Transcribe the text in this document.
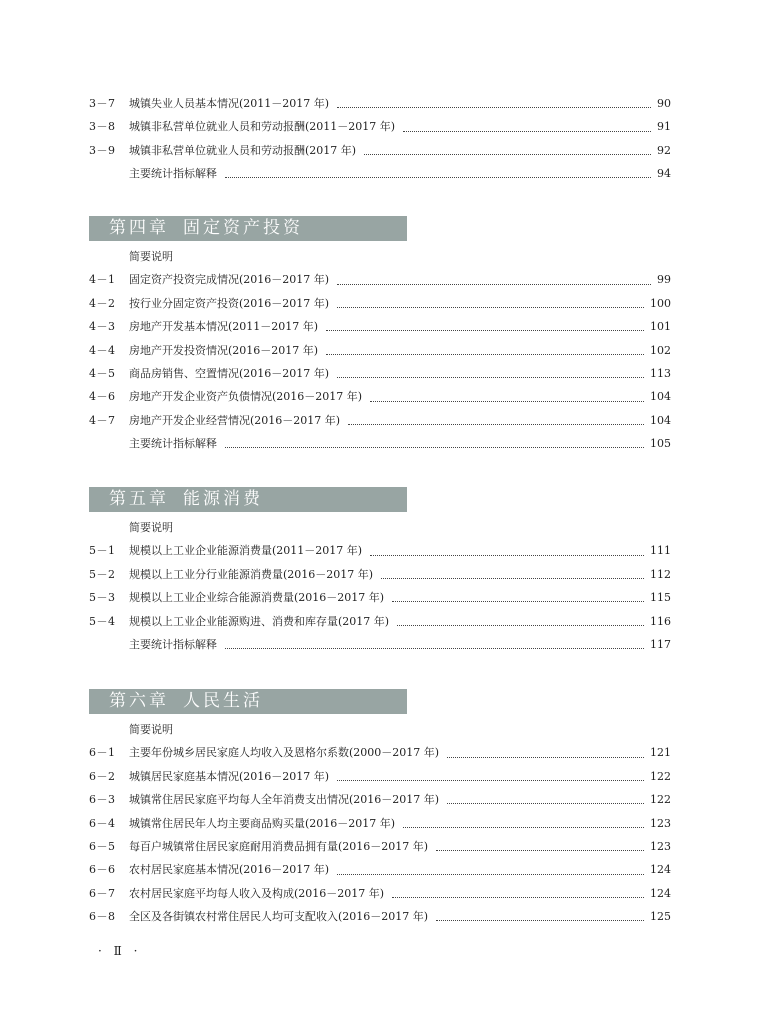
3－7	城镇失业人员基本情况(2011－2017 年)	90
3－8	城镇非私营单位就业人员和劳动报酬(2011－2017 年)	91
3－9	城镇非私营单位就业人员和劳动报酬(2017 年)	92
主要统计指标解释	94
第四章 固定资产投资
简要说明
4－1	固定资产投资完成情况(2016－2017 年)	99
4－2	按行业分固定资产投资(2016－2017 年)	100
4－3	房地产开发基本情况(2011－2017 年)	101
4－4	房地产开发投资情况(2016－2017 年)	102
4－5	商品房销售、空置情况(2016－2017 年)	113
4－6	房地产开发企业资产负债情况(2016－2017 年)	104
4－7	房地产开发企业经营情况(2016－2017 年)	104
主要统计指标解释	105
第五章 能源消费
简要说明
5－1	规模以上工业企业能源消费量(2011－2017 年)	111
5－2	规模以上工业分行业能源消费量(2016－2017 年)	112
5－3	规模以上工业企业综合能源消费量(2016－2017 年)	115
5－4	规模以上工业企业能源购进、消费和库存量(2017 年)	116
主要统计指标解释	117
第六章 人民生活
简要说明
6－1	主要年份城乡居民家庭人均收入及恩格尔系数(2000－2017 年)	121
6－2	城镇居民家庭基本情况(2016－2017 年)	122
6－3	城镇常住居民家庭平均每人全年消费支出情况(2016－2017 年)	122
6－4	城镇常住居民年人均主要商品购买量(2016－2017 年)	123
6－5	每百户城镇常住居民家庭耐用消费品拥有量(2016－2017 年)	123
6－6	农村居民家庭基本情况(2016－2017 年)	124
6－7	农村居民家庭平均每人收入及构成(2016－2017 年)	124
6－8	全区及各街镇农村常住居民人均可支配收入(2016－2017 年)	125
· Ⅱ ·
